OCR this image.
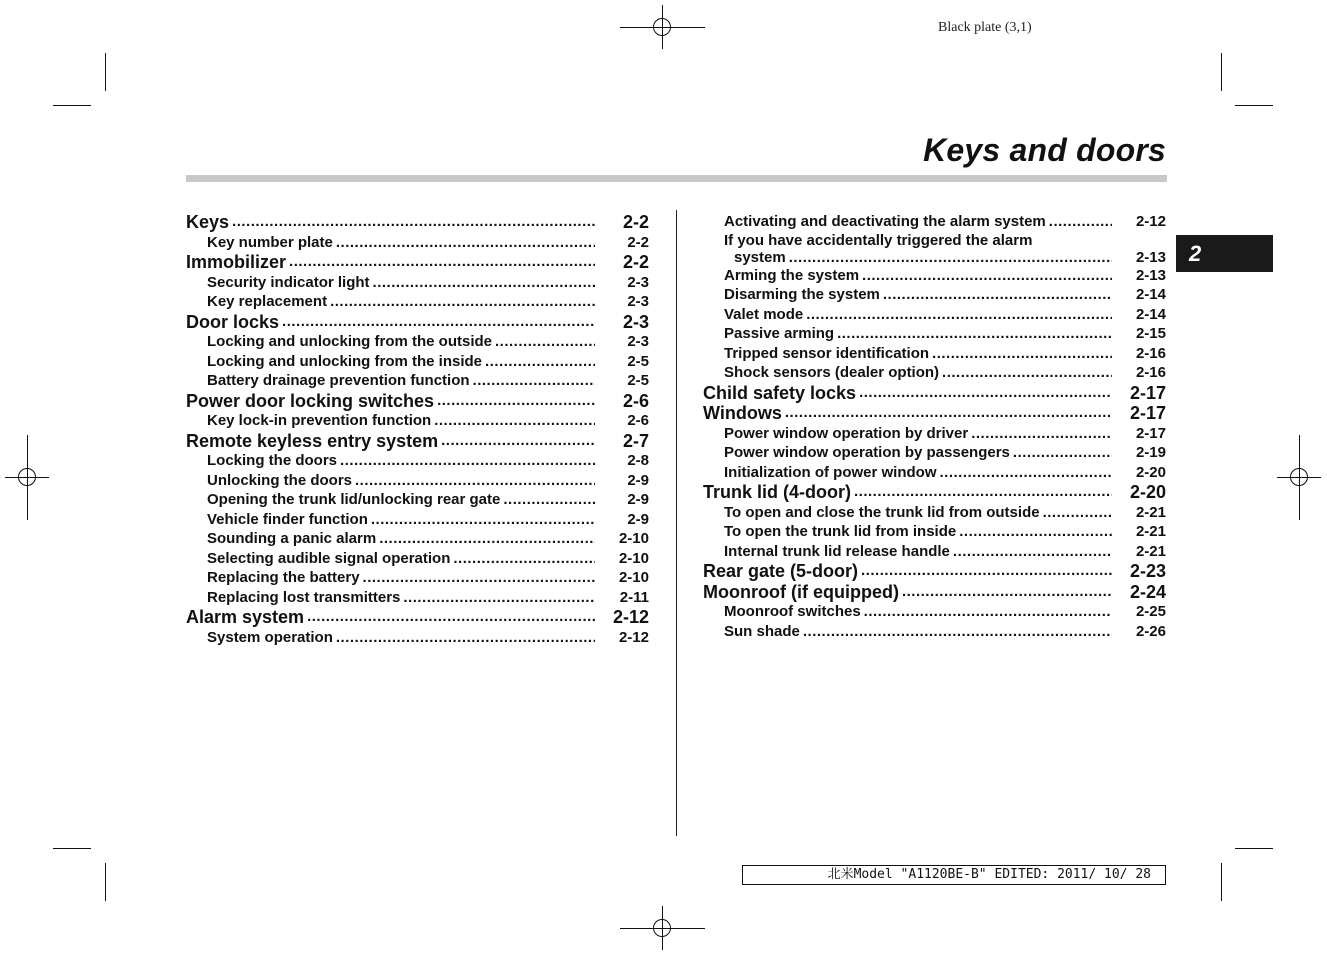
Black plate (3,1)
Keys and doors
2
Keys .....	2-2
Key number plate .....	2-2
Immobilizer .....	2-2
Security indicator light .....	2-3
Key replacement .....	2-3
Door locks .....	2-3
Locking and unlocking from the outside .....	2-3
Locking and unlocking from the inside .....	2-5
Battery drainage prevention function .....	2-5
Power door locking switches .....	2-6
Key lock-in prevention function .....	2-6
Remote keyless entry system .....	2-7
Locking the doors .....	2-8
Unlocking the doors .....	2-9
Opening the trunk lid/unlocking rear gate .....	2-9
Vehicle finder function .....	2-9
Sounding a panic alarm .....	2-10
Selecting audible signal operation .....	2-10
Replacing the battery .....	2-10
Replacing lost transmitters .....	2-11
Alarm system .....	2-12
System operation .....	2-12
Activating and deactivating the alarm system .....	2-12
If you have accidentally triggered the alarm
system .....	2-13
Arming the system .....	2-13
Disarming the system .....	2-14
Valet mode .....	2-14
Passive arming .....	2-15
Tripped sensor identification .....	2-16
Shock sensors (dealer option) .....	2-16
Child safety locks .....	2-17
Windows .....	2-17
Power window operation by driver .....	2-17
Power window operation by passengers .....	2-19
Initialization of power window .....	2-20
Trunk lid (4-door) .....	2-20
To open and close the trunk lid from outside .....	2-21
To open the trunk lid from inside .....	2-21
Internal trunk lid release handle .....	2-21
Rear gate (5-door) .....	2-23
Moonroof (if equipped) .....	2-24
Moonroof switches .....	2-25
Sun shade .....	2-26
北米Model "A1120BE-B" EDITED: 2011/ 10/ 28
